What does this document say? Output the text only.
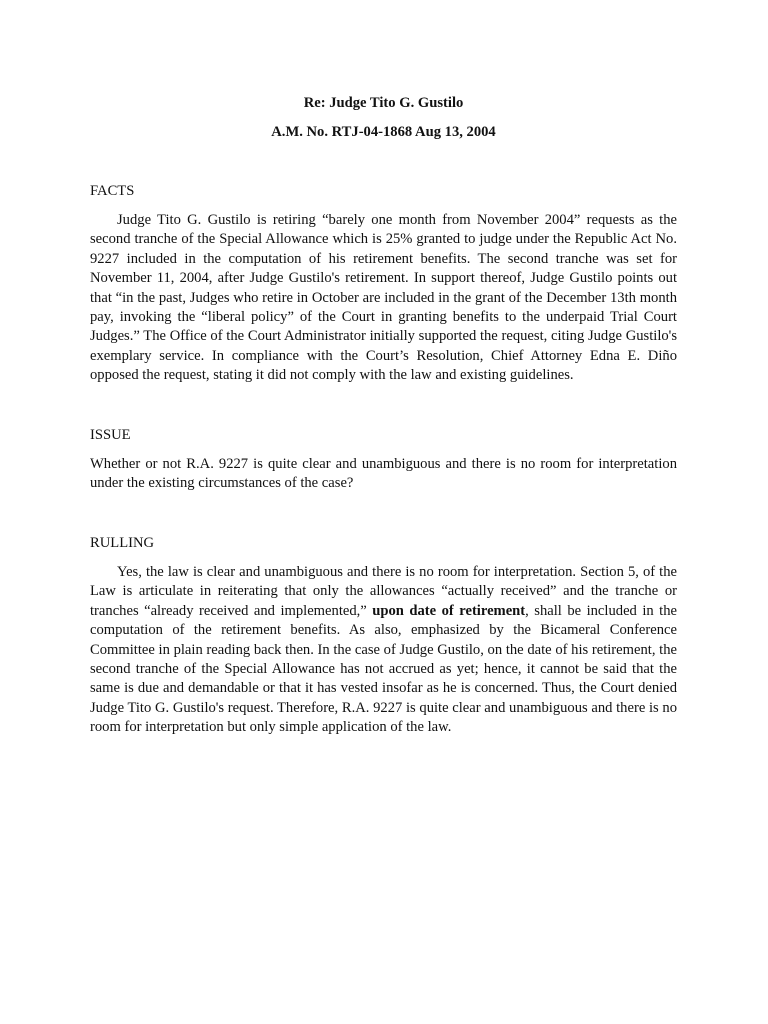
Re: Judge Tito G. Gustilo
A.M. No. RTJ-04-1868 Aug 13, 2004
FACTS

Judge Tito G. Gustilo is retiring “barely one month from November 2004” requests as the second tranche of the Special Allowance which is 25% granted to judge under the Republic Act No. 9227 included in the computation of his retirement benefits. The second tranche was set for November 11, 2004, after Judge Gustilo's retirement. In support thereof, Judge Gustilo points out that “in the past, Judges who retire in October are included in the grant of the December 13th month pay, invoking the “liberal policy” of the Court in granting benefits to the underpaid Trial Court Judges.” The Office of the Court Administrator initially supported the request, citing Judge Gustilo's exemplary service. In compliance with the Court’s Resolution, Chief Attorney Edna E. Diño opposed the request, stating it did not comply with the law and existing guidelines.

ISSUE

Whether or not R.A. 9227 is quite clear and unambiguous and there is no room for interpretation under the existing circumstances of the case?

RULLING

Yes, the law is clear and unambiguous and there is no room for interpretation. Section 5, of the Law is articulate in reiterating that only the allowances “actually received” and the tranche or tranches “already received and implemented,” upon date of retirement, shall be included in the computation of the retirement benefits. As also, emphasized by the Bicameral Conference Committee in plain reading back then. In the case of Judge Gustilo, on the date of his retirement, the second tranche of the Special Allowance has not accrued as yet; hence, it cannot be said that the same is due and demandable or that it has vested insofar as he is concerned. Thus, the Court denied Judge Tito G. Gustilo's request. Therefore, R.A. 9227 is quite clear and unambiguous and there is no room for interpretation but only simple application of the law.
